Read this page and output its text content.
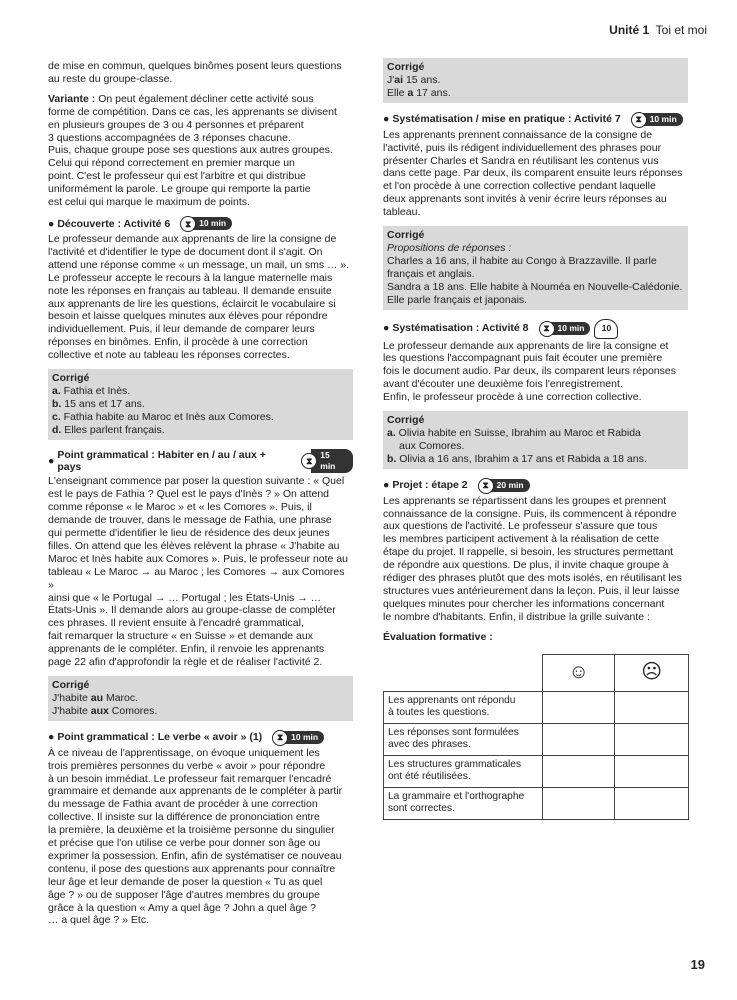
Unité 1 Toi et moi

de mise en commun, quelques binômes posent leurs questions
au reste du groupe-classe.

Variante : On peut également décliner cette activité sous
forme de compétition. Dans ce cas, les apprenants se divisent
en plusieurs groupes de 3 ou 4 personnes et préparent
3 questions accompagnées de 3 réponses chacune.
Puis, chaque groupe pose ses questions aux autres groupes.
Celui qui répond correctement en premier marque un
point. C'est le professeur qui est l'arbitre et qui distribue
uniformément la parole. Le groupe qui remporte la partie
est celui qui marque le maximum de points.

● Découverte : Activité 6	⧗ 10 min

Le professeur demande aux apprenants de lire la consigne de
l'activité et d'identifier le type de document dont il s'agit. On
attend une réponse comme « un message, un mail, un sms … ».
Le professeur accepte le recours à la langue maternelle mais
note les réponses en français au tableau. Il demande ensuite
aux apprenants de lire les questions, éclaircit le vocabulaire si
besoin et laisse quelques minutes aux élèves pour répondre
individuellement. Puis, il leur demande de comparer leurs
réponses en binômes. Enfin, il procède à une correction
collective et note au tableau les réponses correctes.

Corrigé
a. Fathia et Inès.
b. 15 ans et 17 ans.
c. Fathia habite au Maroc et Inès aux Comores.
d. Elles parlent français.
●
Point grammatical : Habiter en / au / aux + pays
⧗
15 min

L'enseignant commence par poser la question suivante : « Quel
est le pays de Fathia ? Quel est le pays d'Inès ? » On attend
comme réponse « le Maroc » et « les Comores ». Puis, il
demande de trouver, dans le message de Fathia, une phrase
qui permette d'identifier le lieu de résidence des deux jeunes
filles. On attend que les élèves relèvent la phrase « J'habite au
Maroc et Inès habite aux Comores ». Puis, le professeur note au
tableau « Le Maroc → au Maroc ; les Comores → aux Comores »
ainsi que « le Portugal → … Portugal ; les États-Unis → …
États-Unis ». Il demande alors au groupe-classe de compléter
ces phrases. Il revient ensuite à l'encadré grammatical,
fait remarquer la structure « en Suisse » et demande aux
apprenants de le compléter. Enfin, il renvoie les apprenants
page 22 afin d'approfondir la règle et de réaliser l'activité 2.

Corrigé
J'habite au Maroc.
J'habite aux Comores.
● Point grammatical : Le verbe « avoir » (1)	⧗ 10 min

À ce niveau de l'apprentissage, on évoque uniquement les
trois premières personnes du verbe « avoir » pour répondre
à un besoin immédiat. Le professeur fait remarquer l'encadré
grammaire et demande aux apprenants de le compléter à partir
du message de Fathia avant de procéder à une correction
collective. Il insiste sur la différence de prononciation entre
la première, la deuxième et la troisième personne du singulier
et précise que l'on utilise ce verbe pour donner son âge ou
exprimer la possession. Enfin, afin de systématiser ce nouveau
contenu, il pose des questions aux apprenants pour connaître
leur âge et leur demande de poser la question « Tu as quel
âge ? » ou de supposer l'âge d'autres membres du groupe
grâce à la question « Amy a quel âge ? John a quel âge ?
… a quel âge ? » Etc.

Corrigé
J'ai 15 ans.
Elle a 17 ans.
● Systématisation / mise en pratique : Activité 7	⧗ 10 min

Les apprenants prennent connaissance de la consigne de
l'activité, puis ils rédigent individuellement des phrases pour
présenter Charles et Sandra en réutilisant les contenus vus
dans cette page. Par deux, ils comparent ensuite leurs réponses
et l'on procède à une correction collective pendant laquelle
deux apprenants sont invités à venir écrire leurs réponses au
tableau.

Corrigé
Propositions de réponses :
Charles a 16 ans, il habite au Congo à Brazzaville. Il parle
français et anglais.
Sandra a 18 ans. Elle habite à Nouméa en Nouvelle-Calédonie.
Elle parle français et japonais.
● Systématisation : Activité 8	⧗ 10 min	10

Le professeur demande aux apprenants de lire la consigne et
les questions l'accompagnant puis fait écouter une première
fois le document audio. Par deux, ils comparent leurs réponses
avant d'écouter une deuxième fois l'enregistrement.
Enfin, le professeur procède à une correction collective.

Corrigé
a. Olivia habite en Suisse, Ibrahim au Maroc et Rabida
aux Comores.
b. Olivia a 16 ans, Ibrahim a 17 ans et Rabida a 18 ans.
● Projet : étape 2	⧗ 20 min

Les apprenants se répartissent dans les groupes et prennent
connaissance de la consigne. Puis, ils commencent à répondre
aux questions de l'activité. Le professeur s'assure que tous
les membres participent activement à la réalisation de cette
étape du projet. Il rappelle, si besoin, les structures permettant
de répondre aux questions. De plus, il invite chaque groupe à
rédiger des phrases plutôt que des mots isolés, en réutilisant les
structures vues antérieurement dans la leçon. Puis, il leur laisse
quelques minutes pour chercher les informations concernant
le nombre d'habitants. Enfin, il distribue la grille suivante :

Évaluation formative :
	☺	☹
Les apprenants ont répondu
à toutes les questions.		
Les réponses sont formulées
avec des phrases.		
Les structures grammaticales
ont été réutilisées.		
La grammaire et l'orthographe
sont correctes.		
19
